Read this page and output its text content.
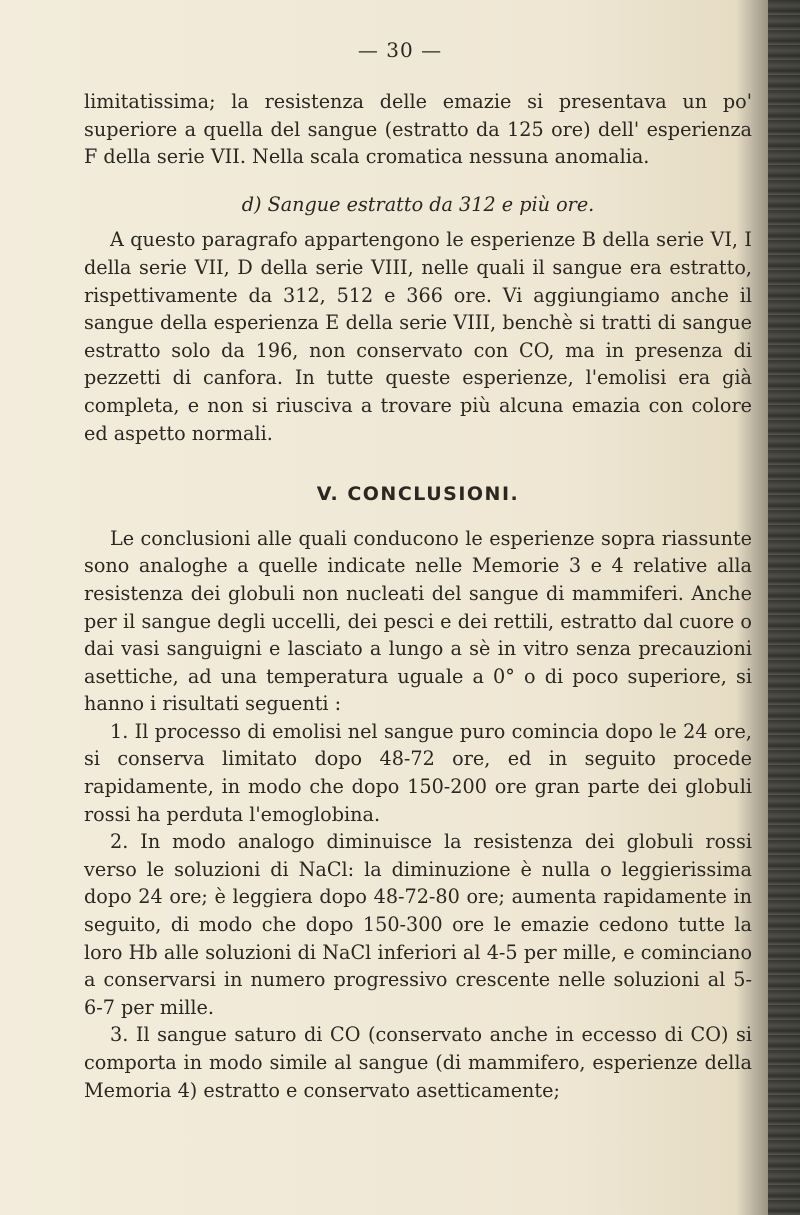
— 30 —

limitatissima; la resistenza delle emazie si presentava un po' superiore a quella del sangue (estratto da 125 ore) dell' esperienza F della serie VII. Nella scala cromatica nessuna anomalia.

d) Sangue estratto da 312 e più ore.

A questo paragrafo appartengono le esperienze B della serie VI, I della serie VII, D della serie VIII, nelle quali il sangue era estratto, rispettivamente da 312, 512 e 366 ore. Vi aggiungiamo anche il sangue della esperienza E della serie VIII, benchè si tratti di sangue estratto solo da 196, non conservato con CO, ma in presenza di pezzetti di canfora. In tutte queste esperienze, l'emolisi era già completa, e non si riusciva a trovare più alcuna emazia con colore ed aspetto normali.

V. CONCLUSIONI.

Le conclusioni alle quali conducono le esperienze sopra riassunte sono analoghe a quelle indicate nelle Memorie 3 e 4 relative alla resistenza dei globuli non nucleati del sangue di mammiferi. Anche per il sangue degli uccelli, dei pesci e dei rettili, estratto dal cuore o dai vasi sanguigni e lasciato a lungo a sè in vitro senza precauzioni asettiche, ad una temperatura uguale a 0° o di poco superiore, si hanno i risultati seguenti :

1. Il processo di emolisi nel sangue puro comincia dopo le 24 ore, si conserva limitato dopo 48-72 ore, ed in seguito procede rapidamente, in modo che dopo 150-200 ore gran parte dei globuli rossi ha perduta l'emoglobina.

2. In modo analogo diminuisce la resistenza dei globuli rossi verso le soluzioni di NaCl: la diminuzione è nulla o leggierissima dopo 24 ore; è leggiera dopo 48-72-80 ore; aumenta rapidamente in seguito, di modo che dopo 150-300 ore le emazie cedono tutte la loro Hb alle soluzioni di NaCl inferiori al 4-5 per mille, e cominciano a conservarsi in numero progressivo crescente nelle soluzioni al 5-6-7 per mille.

3. Il sangue saturo di CO (conservato anche in eccesso di CO) si comporta in modo simile al sangue (di mammifero, esperienze della Memoria 4) estratto e conservato asetticamente;
